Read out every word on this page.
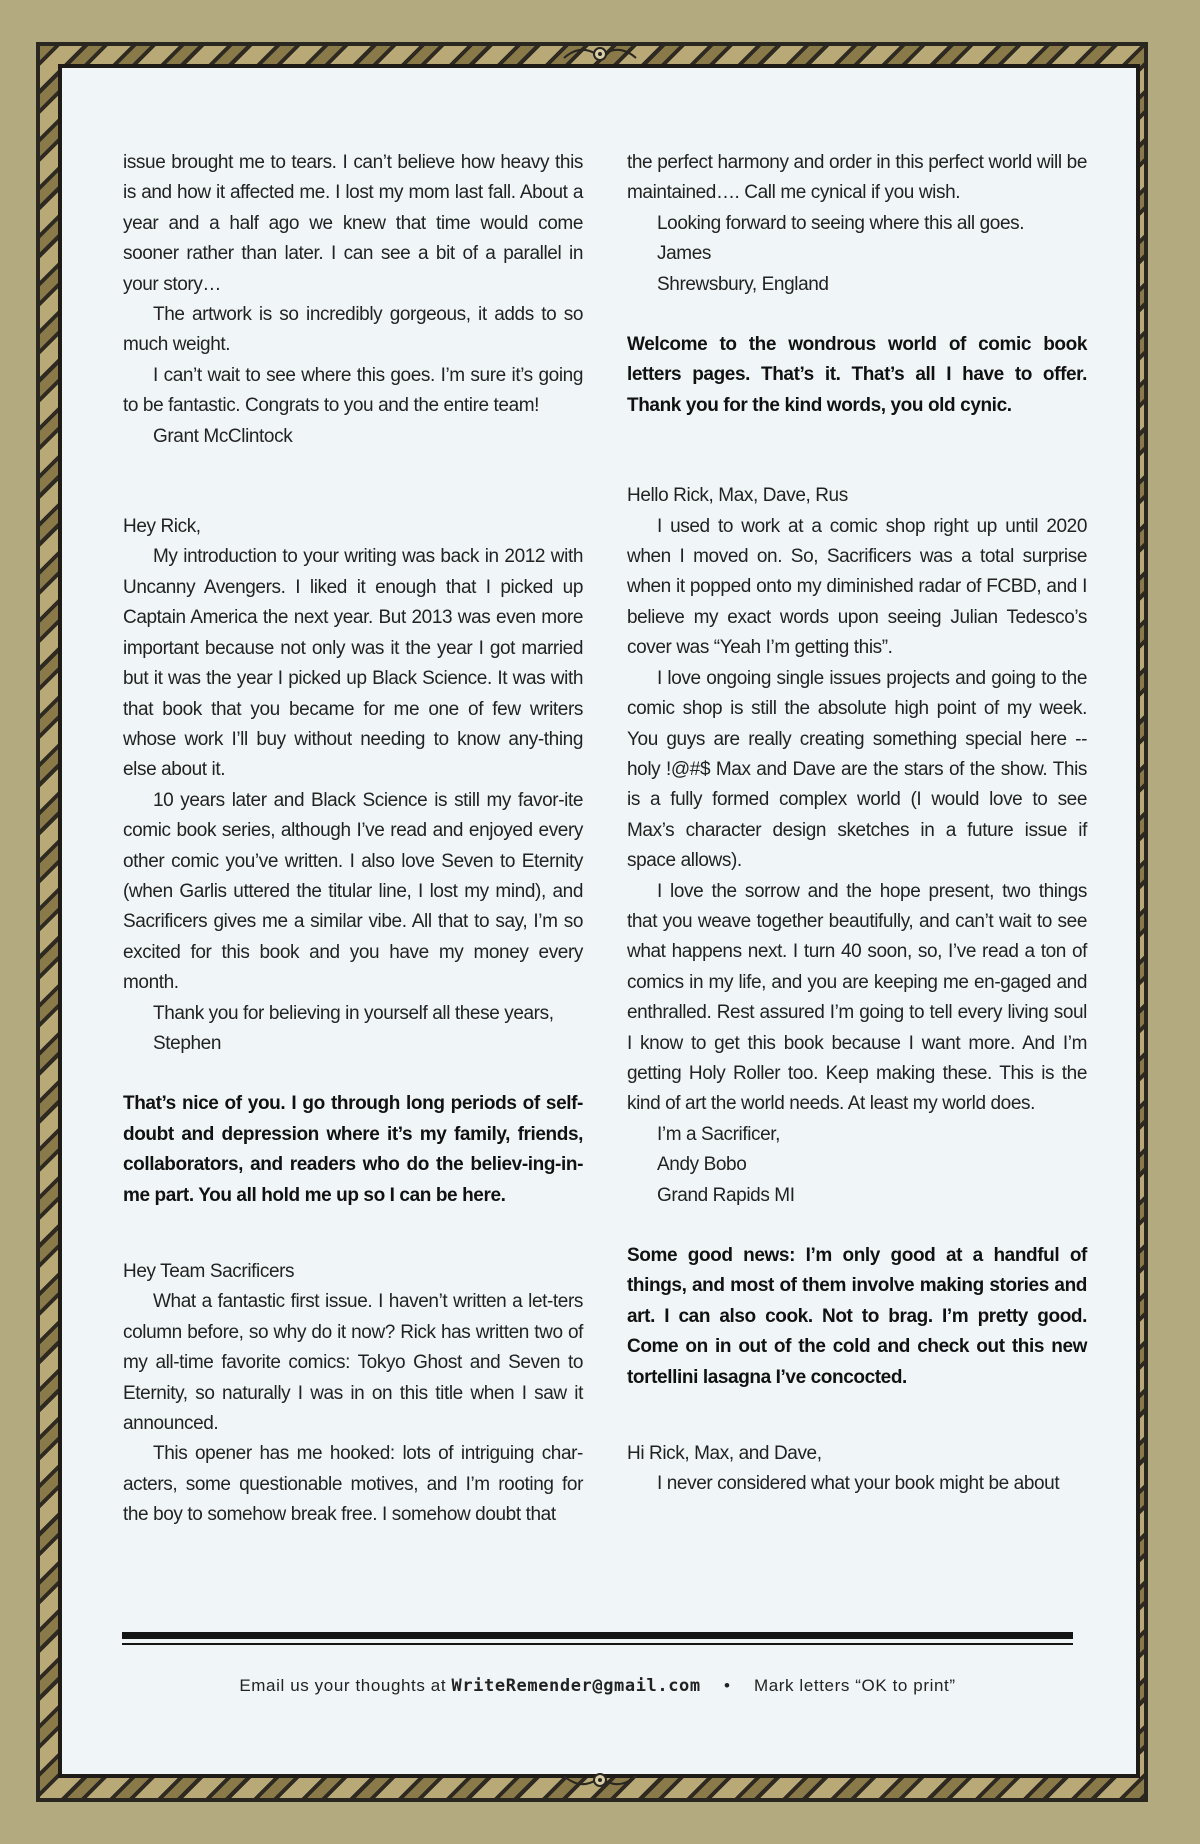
issue brought me to tears. I can’t believe how heavy this is and how it affected me. I lost my mom last fall. About a year and a half ago we knew that time would come sooner rather than later. I can see a bit of a parallel in your story…

The artwork is so incredibly gorgeous, it adds to so much weight.

I can’t wait to see where this goes. I’m sure it’s going to be fantastic. Congrats to you and the entire team!

Grant McClintock

Hey Rick,

My introduction to your writing was back in 2012 with Uncanny Avengers. I liked it enough that I picked up Captain America the next year. But 2013 was even more important because not only was it the year I got married but it was the year I picked up Black Science. It was with that book that you became for me one of few writers whose work I’ll buy without needing to know any-thing else about it.

10 years later and Black Science is still my favor-ite comic book series, although I’ve read and enjoyed every other comic you’ve written. I also love Seven to Eternity (when Garlis uttered the titular line, I lost my mind), and Sacrificers gives me a similar vibe. All that to say, I’m so excited for this book and you have my money every month.

Thank you for believing in yourself all these years,

Stephen

That’s nice of you. I go through long periods of self-doubt and depression where it’s my family, friends, collaborators, and readers who do the believ-ing-in-me part. You all hold me up so I can be here.

Hey Team Sacrificers

What a fantastic first issue. I haven’t written a let-ters column before, so why do it now? Rick has written two of my all-time favorite comics: Tokyo Ghost and Seven to Eternity, so naturally I was in on this title when I saw it announced.

This opener has me hooked: lots of intriguing char-acters, some questionable motives, and I’m rooting for the boy to somehow break free. I somehow doubt that

the perfect harmony and order in this perfect world will be maintained…. Call me cynical if you wish.

Looking forward to seeing where this all goes.

James

Shrewsbury, England

Welcome to the wondrous world of comic book letters pages. That’s it. That’s all I have to offer. Thank you for the kind words, you old cynic.

Hello Rick, Max, Dave, Rus

I used to work at a comic shop right up until 2020 when I moved on. So, Sacrificers was a total surprise when it popped onto my diminished radar of FCBD, and I believe my exact words upon seeing Julian Tedesco’s cover was “Yeah I’m getting this”.

I love ongoing single issues projects and going to the comic shop is still the absolute high point of my week. You guys are really creating something special here -- holy !@#$ Max and Dave are the stars of the show. This is a fully formed complex world (I would love to see Max’s character design sketches in a future issue if space allows).

I love the sorrow and the hope present, two things that you weave together beautifully, and can’t wait to see what happens next. I turn 40 soon, so, I’ve read a ton of comics in my life, and you are keeping me en-gaged and enthralled. Rest assured I’m going to tell every living soul I know to get this book because I want more. And I’m getting Holy Roller too. Keep making these. This is the kind of art the world needs. At least my world does.

I’m a Sacrificer,

Andy Bobo

Grand Rapids MI

Some good news: I’m only good at a handful of things, and most of them involve making stories and art. I can also cook. Not to brag. I’m pretty good. Come on in out of the cold and check out this new tortellini lasagna I’ve concocted.

Hi Rick, Max, and Dave,

I never considered what your book might be about

Email us your thoughts at WriteRemender@gmail.com • Mark letters “OK to print”
